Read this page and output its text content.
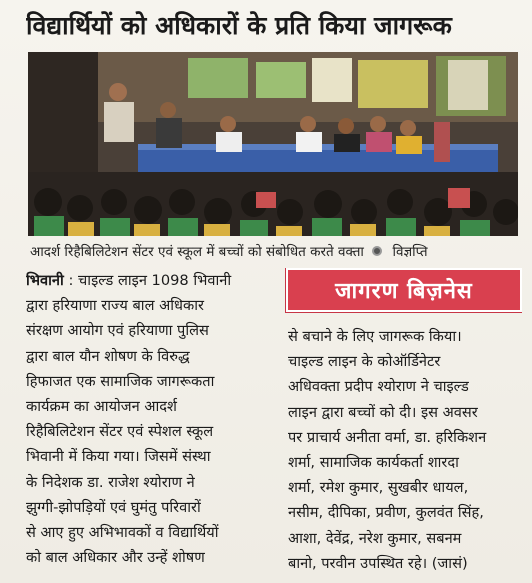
विद्यार्थियों को अधिकारों के प्रति किया जागरूक
आदर्श रिहैबिलिटेशन सेंटर एवं स्कूल में बच्चों को संबोधित करते वक्ता विज्ञप्ति
भिवानी : चाइल्ड लाइन 1098 भिवानी
द्वारा हरियाणा राज्य बाल अधिकार
संरक्षण आयोग एवं हरियाणा पुलिस
द्वारा बाल यौन शोषण के विरुद्ध
हिफाजत एक सामाजिक जागरूकता
कार्यक्रम का आयोजन आदर्श
रिहैबिलिटेशन सेंटर एवं स्पेशल स्कूल
भिवानी में किया गया। जिसमें संस्था
के निदेशक डा. राजेश श्योराण ने
झुग्गी-झोपड़ियों एवं घुमंतु परिवारों
से आए हुए अभिभावकों व विद्यार्थियों
को बाल अधिकार और उन्हें शोषण
जागरण बिज़नेस
से बचाने के लिए जागरूक किया।
चाइल्ड लाइन के कोऑर्डिनेटर
अधिवक्ता प्रदीप श्योराण ने चाइल्ड
लाइन द्वारा बच्चों को दी। इस अवसर
पर प्राचार्य अनीता वर्मा, डा. हरिकिशन
शर्मा, सामाजिक कार्यकर्ता शारदा
शर्मा, रमेश कुमार, सुखबीर धायल,
नसीम, दीपिका, प्रवीण, कुलवंत सिंह,
आशा, देवेंद्र, नरेश कुमार, सबनम
बानो, परवीन उपस्थित रहे। (जासं)
